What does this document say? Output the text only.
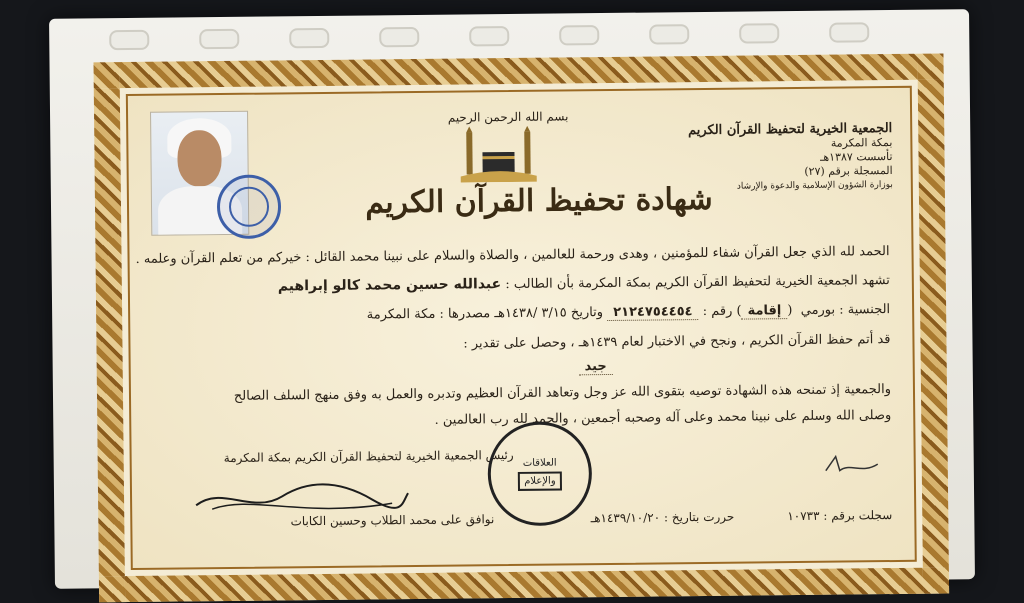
بسم الله الرحمن الرحيم
الجمعية الخيرية لتحفيظ القرآن الكريم
بمكة المكرمة
تأسست ١٣٨٧هـ
المسجلة برقم (٢٧)
بوزارة الشؤون الإسلامية والدعوة والإرشاد
شهادة تحفيظ القرآن الكريم
الحمد لله الذي جعل القرآن شفاء للمؤمنين ، وهدى ورحمة للعالمين ، والصلاة والسلام على نبينا محمد القائل : خيركم من تعلم القرآن وعلمه .
تشهد الجمعية الخيرية لتحفيظ القرآن الكريم بمكة المكرمة بأن الطالب : عبدالله حسين محمد كالو إبراهيم
الجنسية : بورمي  (إقامة) رقم : ٢١٢٤٧٥٤٤٥٤ وتاريخ ٣/١٥ /١٤٣٨هـ مصدرها : مكة المكرمة
قد أتم حفظ القرآن الكريم ، ونجح في الاختبار لعام ١٤٣٩هـ ، وحصل على تقدير :
جيد
والجمعية إذ تمنحه هذه الشهادة توصيه بتقوى الله عز وجل وتعاهد القرآن العظيم وتدبره والعمل به وفق منهج السلف الصالح
وصلى الله وسلم على نبينا محمد وعلى آله وصحبه أجمعين ، والحمد لله رب العالمين .
رئيس الجمعية الخيرية لتحفيظ القرآن الكريم بمكة المكرمة العلاقات
والإعلام
نوافق على محمد الطلاب وحسين الكابات	حررت بتاريخ : ١٤٣٩/١٠/٢٠هـ	سجلت برقم : ١٠٧٣٣
